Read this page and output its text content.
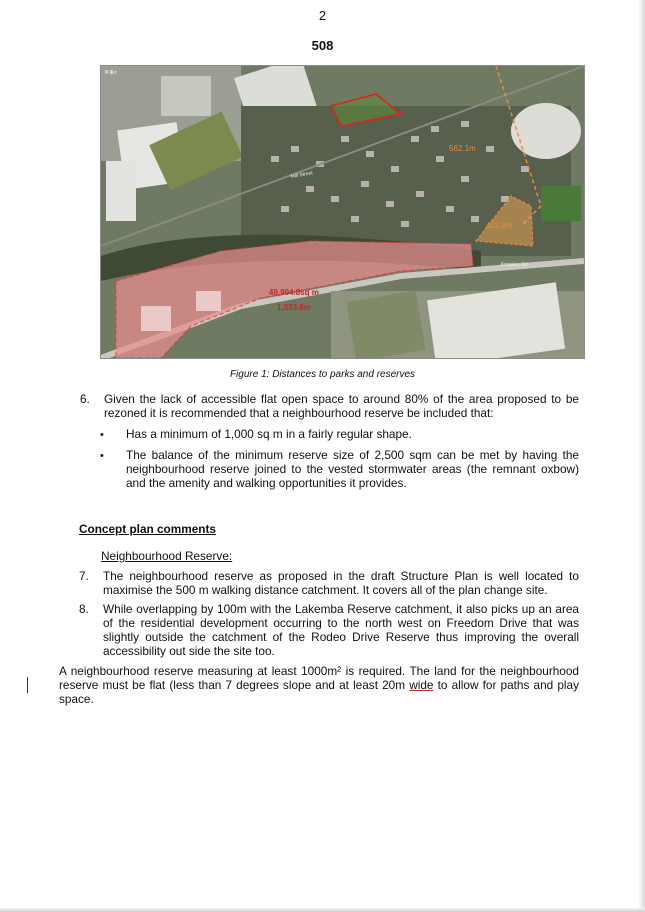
2
508
562.1m
422.3m
49,904.8sq m
1,333.8m
Mill Street
Kingsley Rd
✕⊕⌕
Figure 1: Distances to parks and reserves
6. Given the lack of accessible flat open space to around 80% of the area proposed to be rezoned it is recommended that a neighbourhood reserve be included that:
• Has a minimum of 1,000 sq m in a fairly regular shape.
• The balance of the minimum reserve size of 2,500 sqm can be met by having the neighbourhood reserve joined to the vested stormwater areas (the remnant oxbow) and the amenity and walking opportunities it provides.
Concept plan comments
Neighbourhood Reserve:
7. The neighbourhood reserve as proposed in the draft Structure Plan is well located to maximise the 500 m walking distance catchment. It covers all of the plan change site.
8. While overlapping by 100m with the Lakemba Reserve catchment, it also picks up an area of the residential development occurring to the north west on Freedom Drive that was slightly outside the catchment of the Rodeo Drive Reserve thus improving the overall accessibility out side the site too.
A neighbourhood reserve measuring at least 1000m² is required. The land for the neighbourhood reserve must be flat (less than 7 degrees slope and at least 20m wide to allow for paths and play space.
